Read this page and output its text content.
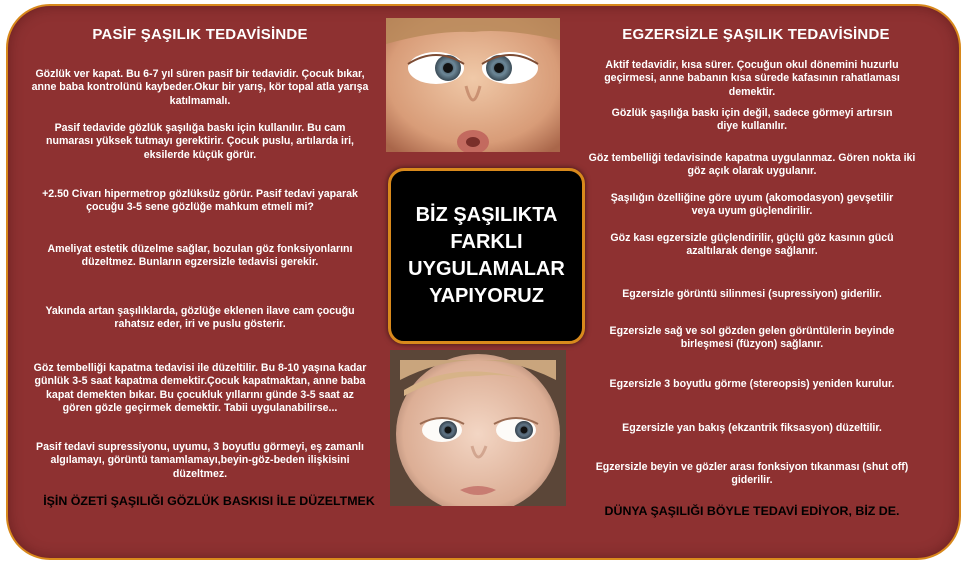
PASİF ŞAŞILIK TEDAVİSİNDE
Gözlük ver kapat. Bu 6-7 yıl süren pasif bir tedavidir. Çocuk bıkar, anne baba kontrolünü kaybeder.Okur bir yarış, kör topal atla yarışa katılmamalı.
Pasif tedavide gözlük şaşılığa baskı için kullanılır. Bu cam numarası yüksek tutmayı gerektirir. Çocuk puslu, artılarda iri, eksilerde küçük görür.
+2.50 Civarı hipermetrop gözlüksüz görür. Pasif tedavi yaparak çocuğu 3-5 sene gözlüğe mahkum etmeli mi?
Ameliyat estetik düzelme sağlar, bozulan göz fonksiyonlarını düzeltmez. Bunların egzersizle tedavisi gerekir.
Yakında artan şaşılıklarda, gözlüğe eklenen ilave cam çocuğu rahatsız eder, iri ve puslu gösterir.
Göz tembelliği kapatma tedavisi ile düzeltilir. Bu 8-10 yaşına kadar günlük 3-5 saat kapatma demektir.Çocuk kapatmaktan, anne baba kapat demekten bıkar. Bu çocukluk yıllarını günde 3-5 saat az gören gözle geçirmek demektir. Tabii uygulanabilirse...
Pasif tedavi supressiyonu, uyumu, 3 boyutlu görmeyi, eş zamanlı algılamayı, görüntü tamamlamayı,beyin-göz-beden ilişkisini düzeltmez.
İŞİN ÖZETİ ŞAŞILIĞI GÖZLÜK BASKISI İLE DÜZELTMEK
BİZ ŞAŞILIKTA
FARKLI
UYGULAMALAR
YAPIYORUZ
EGZERSİZLE ŞAŞILIK TEDAVİSİNDE
Aktif tedavidir, kısa sürer. Çocuğun okul dönemini huzurlu geçirmesi, anne babanın kısa sürede kafasının rahatlaması demektir.
Gözlük şaşılığa baskı için değil, sadece görmeyi artırsın diye kullanılır.
Göz tembelliği tedavisinde kapatma uygulanmaz. Gören nokta iki göz açık olarak uygulanır.
Şaşılığın özelliğine göre uyum (akomodasyon) gevşetilir veya uyum güçlendirilir.
Göz kası egzersizle güçlendirilir, güçlü göz kasının gücü azaltılarak denge sağlanır.
Egzersizle görüntü silinmesi (supressiyon) giderilir.
Egzersizle sağ ve sol gözden gelen görüntülerin beyinde birleşmesi (füzyon) sağlanır.
Egzersizle 3 boyutlu görme (stereopsis) yeniden kurulur.
Egzersizle yan bakış (ekzantrik fiksasyon) düzeltilir.
Egzersizle beyin ve gözler arası fonksiyon tıkanması (shut off) giderilir.
DÜNYA ŞAŞILIĞI BÖYLE TEDAVİ EDİYOR, BİZ DE.
